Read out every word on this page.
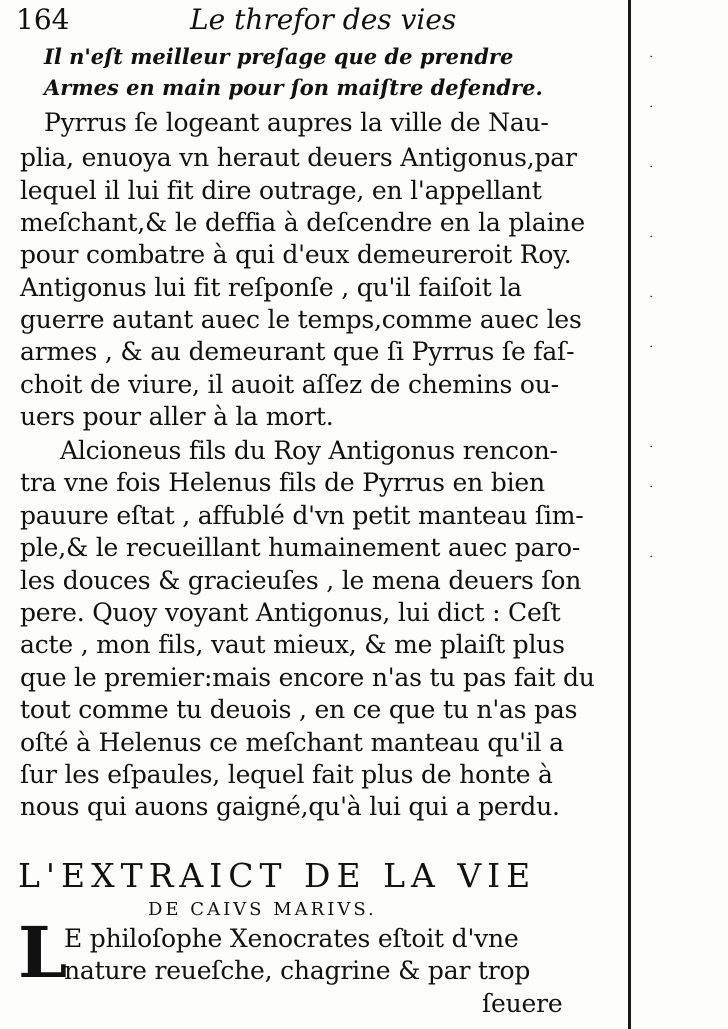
164	Le threfor des vies
Il n'eſt meilleur preſage que de prendre
Armes en main pour ſon maiſtre defendre.
Pyrrus ſe logeant aupres la ville de Nau-
plia, enuoya vn heraut deuers Antigonus,par
lequel il lui fit dire outrage, en l'appellant
meſchant,& le deffia à deſcendre en la plaine
pour combatre à qui d'eux demeureroit Roy.
Antigonus lui fit reſponſe , qu'il faiſoit la
guerre autant auec le temps,comme auec les
armes , & au demeurant que ſi Pyrrus ſe faſ-
choit de viure, il auoit aſſez de chemins ou-
uers pour aller à la mort.
Alcioneus fils du Roy Antigonus rencon-
tra vne fois Helenus fils de Pyrrus en bien
pauure eſtat , affublé d'vn petit manteau ſim-
ple,& le recueillant humainement auec paro-
les douces & gracieuſes , le mena deuers ſon
pere. Quoy voyant Antigonus, lui dict : Ceſt
acte , mon fils, vaut mieux, & me plaiſt plus
que le premier:mais encore n'as tu pas fait du
tout comme tu deuois , en ce que tu n'as pas
oſté à Helenus ce meſchant manteau qu'il a
ſur les eſpaules, lequel fait plus de honte à
nous qui auons gaigné,qu'à lui qui a perdu.
L'EXTRAICT DE LA VIE
DE CAIVS MARIVS.
L
E philoſophe Xenocrates eſtoit d'vne
nature reueſche, chagrine & par trop
ſeuere
‧
‧
‧
‧
‧
‧
‧
‧
‧
